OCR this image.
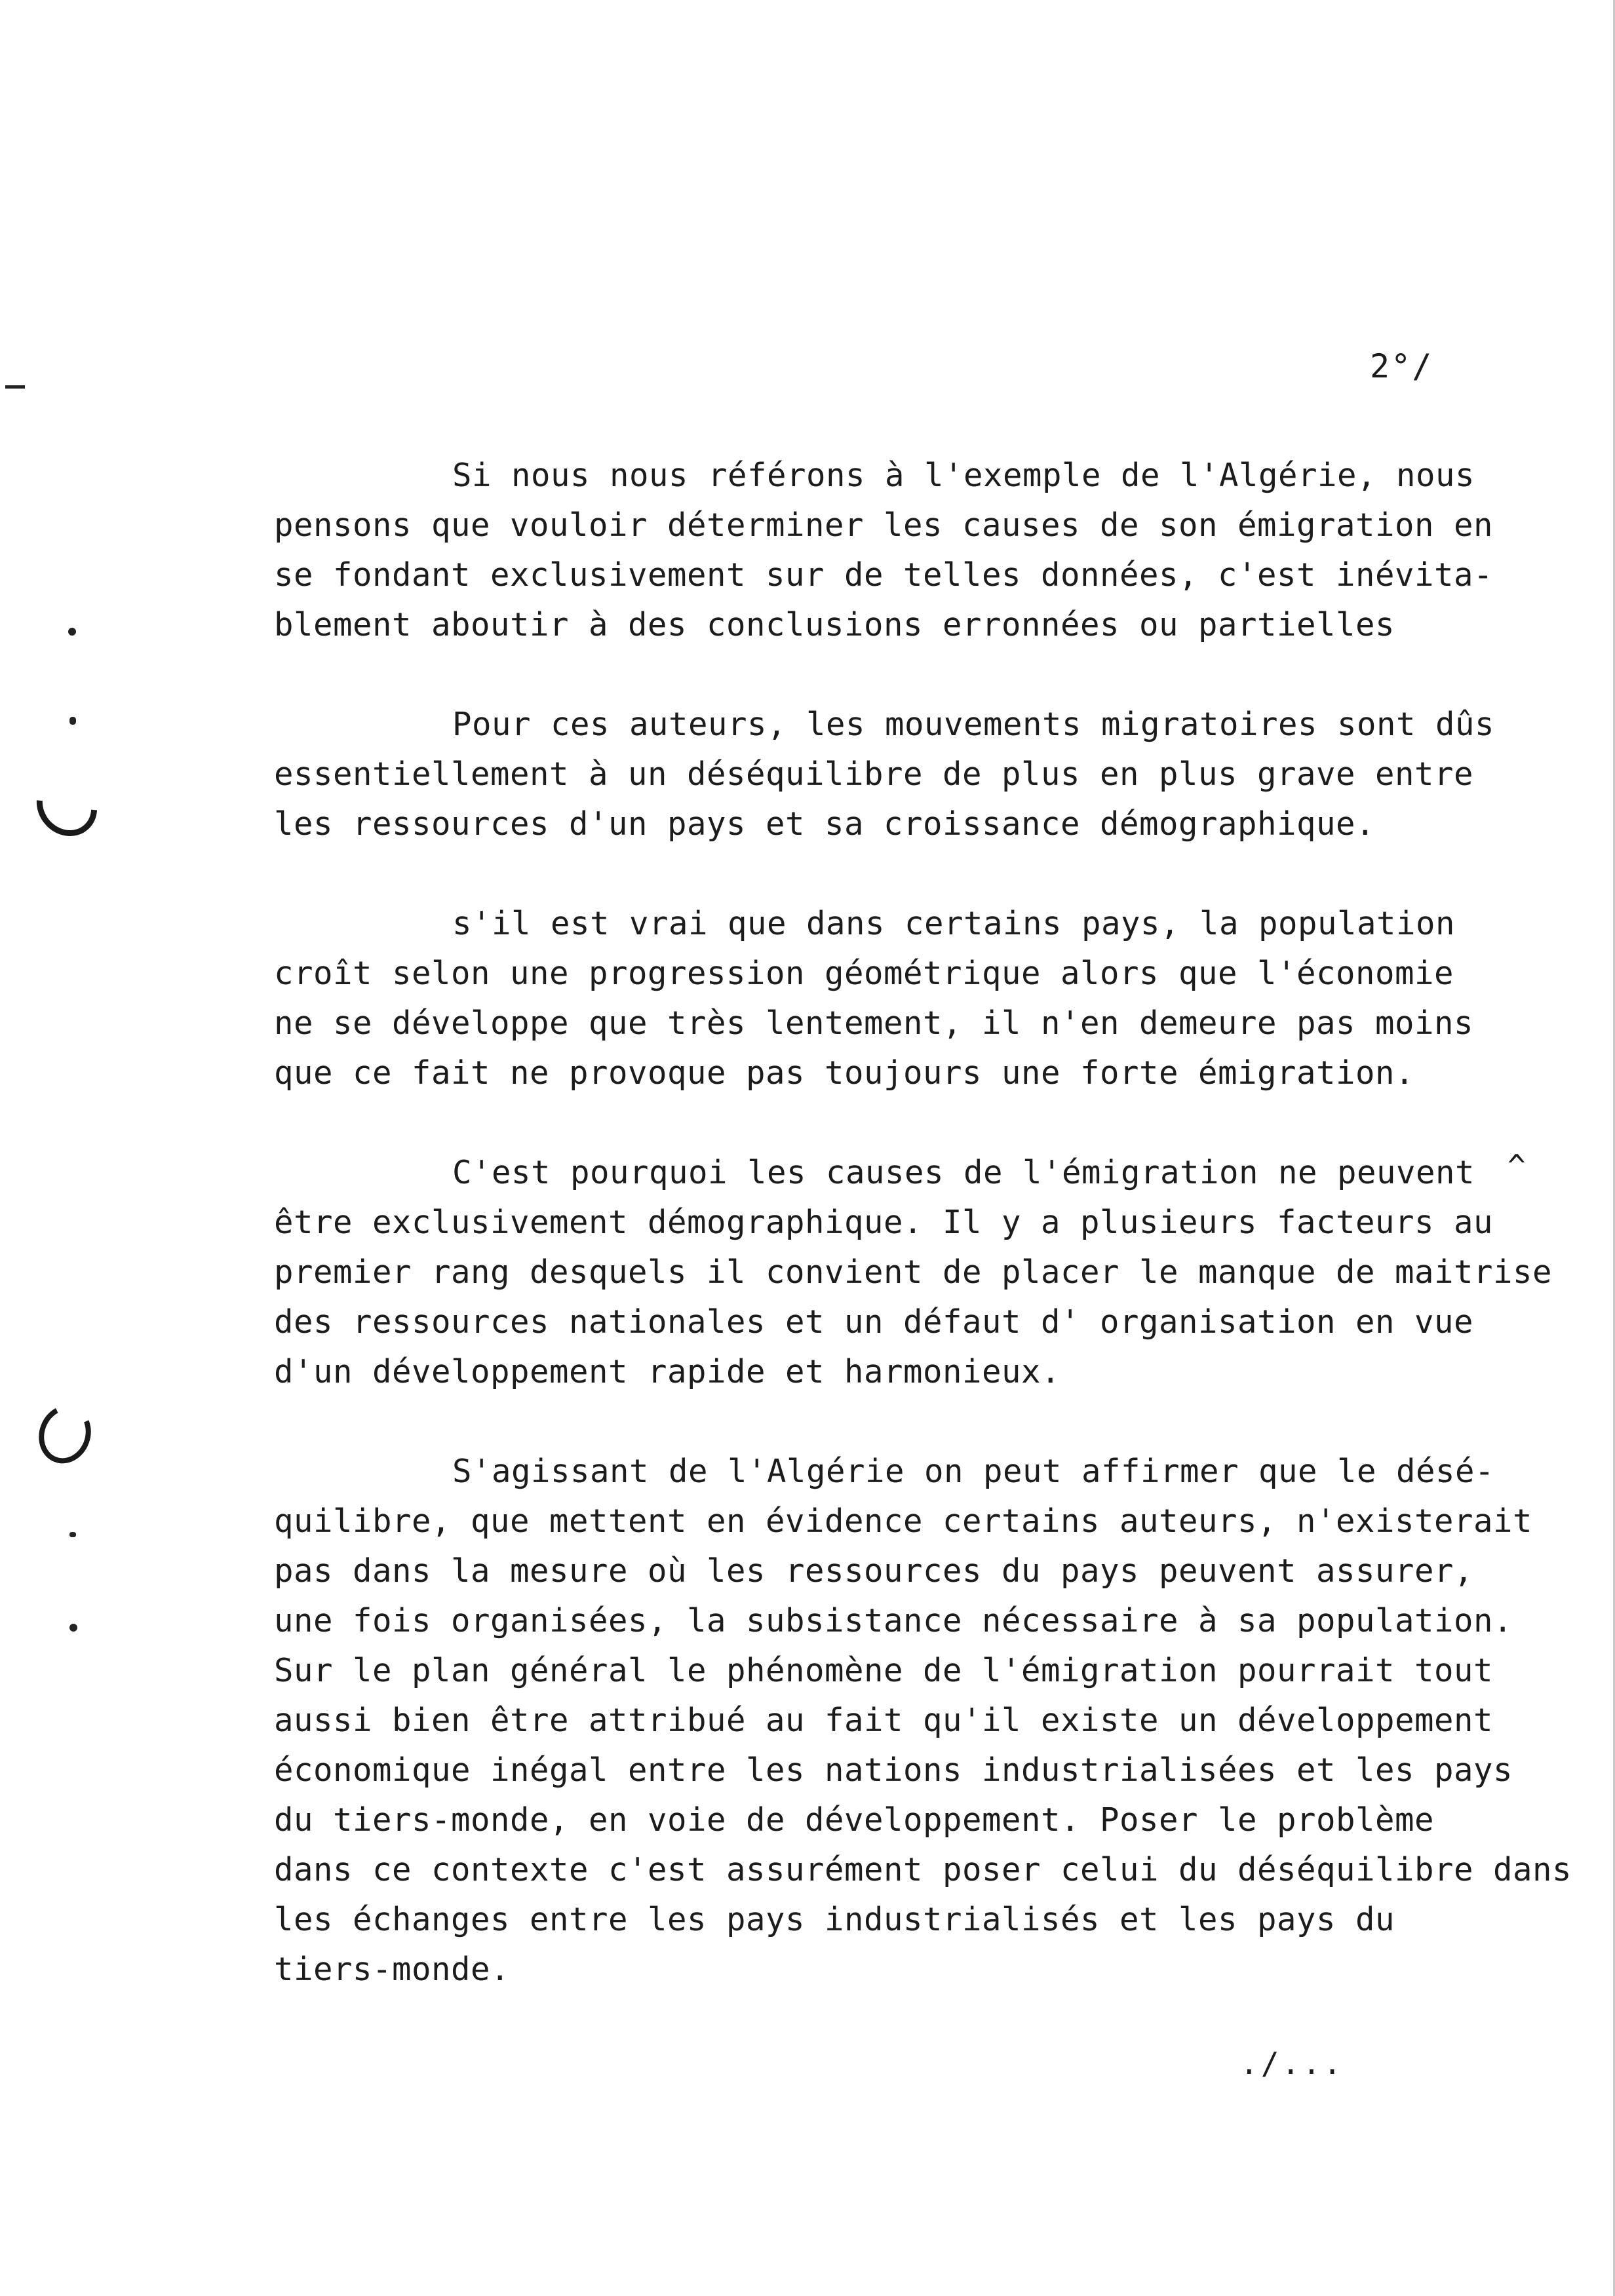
2°/
^
Si nous nous référons à l'exemple de l'Algérie, nous
pensons que vouloir déterminer les causes de son émigration en
se fondant exclusivement sur de telles données, c'est inévita-
blement aboutir à des conclusions erronnées ou partielles
Pour ces auteurs, les mouvements migratoires sont dûs
essentiellement à un déséquilibre de plus en plus grave entre
les ressources d'un pays et sa croissance démographique.
s'il est vrai que dans certains pays, la population
croît selon une progression géométrique alors que l'économie
ne se développe que très lentement, il n'en demeure pas moins
que ce fait ne provoque pas toujours une forte émigration.
C'est pourquoi les causes de l'émigration ne peuvent
être exclusivement démographique. Il y a plusieurs facteurs au
premier rang desquels il convient de placer le manque de maitrise
des ressources nationales et un défaut d' organisation en vue
d'un développement rapide et harmonieux.
S'agissant de l'Algérie on peut affirmer que le désé-
quilibre, que mettent en évidence certains auteurs, n'existerait
pas dans la mesure où les ressources du pays peuvent assurer,
une fois organisées, la subsistance nécessaire à sa population.
Sur le plan général le phénomène de l'émigration pourrait tout
aussi bien être attribué au fait qu'il existe un développement
économique inégal entre les nations industrialisées et les pays
du tiers-monde, en voie de développement. Poser le problème
dans ce contexte c'est assurément poser celui du déséquilibre dans
les échanges entre les pays industrialisés et les pays du
tiers-monde.
./...
